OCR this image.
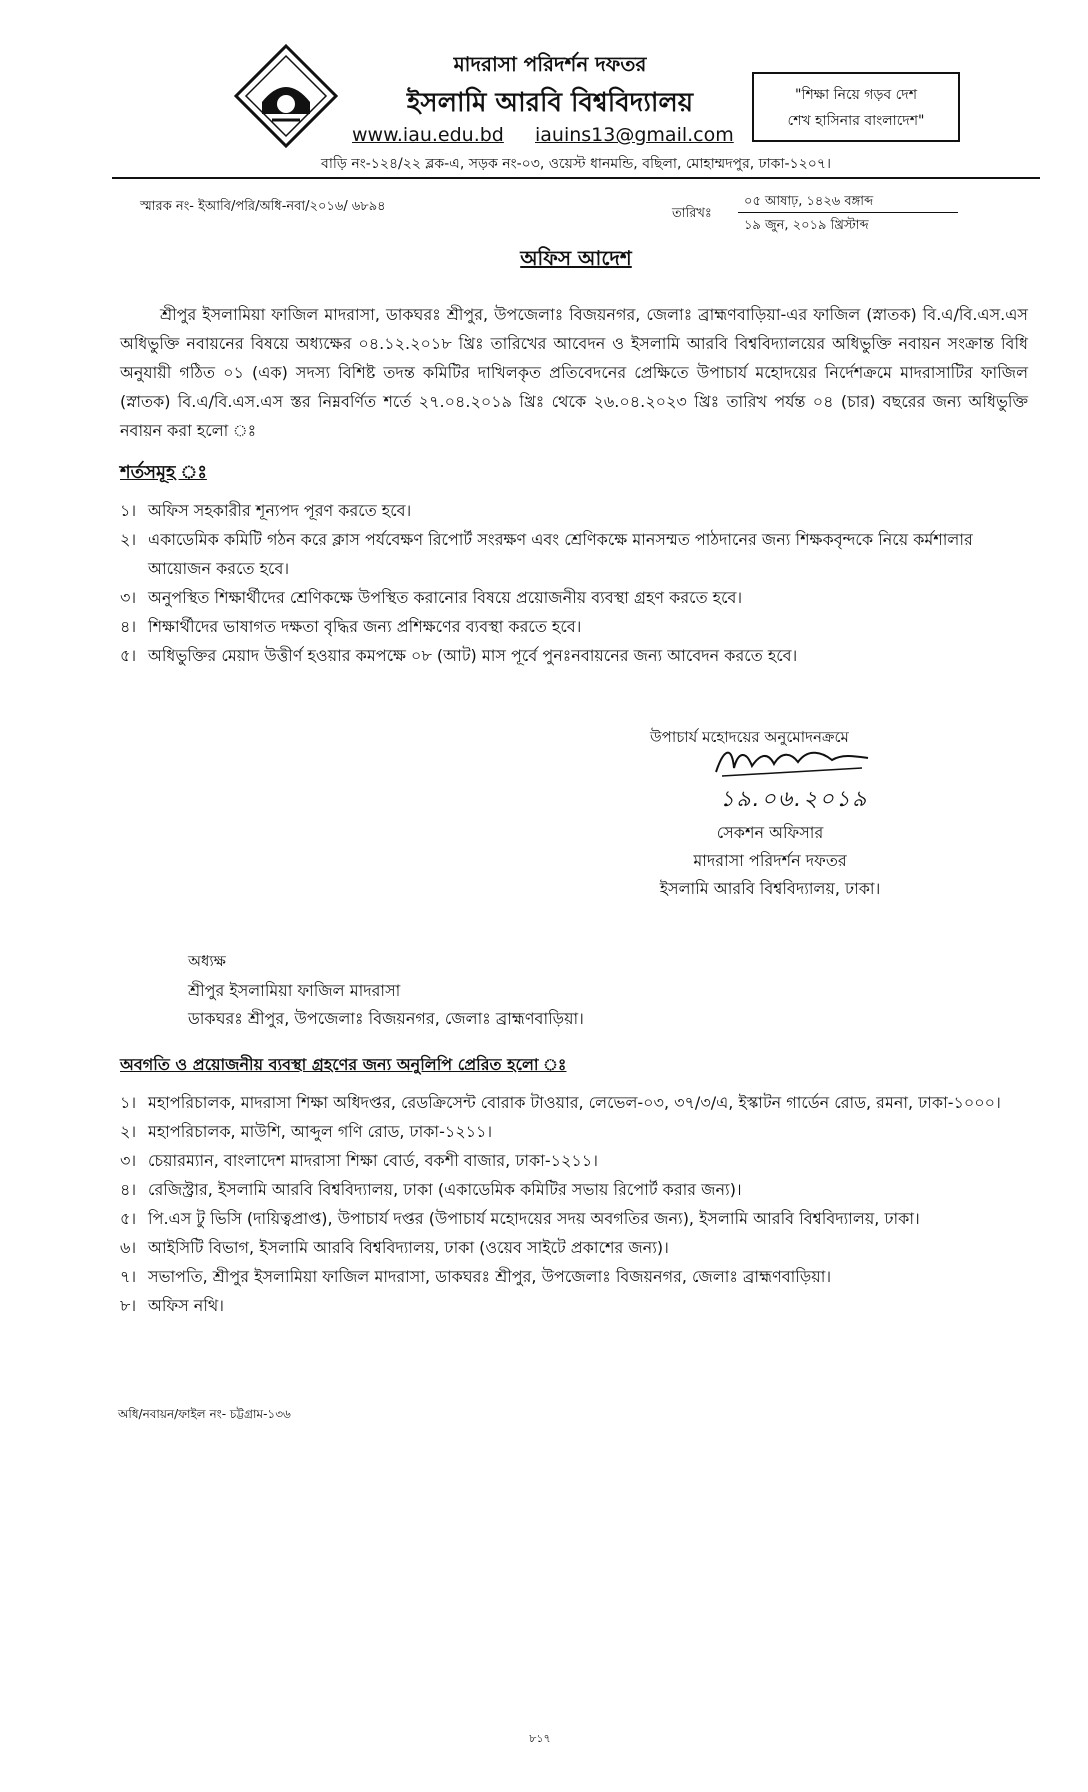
মাদরাসা পরিদর্শন দফতর
ইসলামি আরবি বিশ্ববিদ্যালয়
www.iau.edu.bd iauins13@gmail.com
বাড়ি নং-১২৪/২২ ব্লক-এ, সড়ক নং-০৩, ওয়েস্ট ধানমন্ডি, বছিলা, মোহাম্মদপুর, ঢাকা-১২০৭।
"শিক্ষা নিয়ে গড়ব দেশ
শেখ হাসিনার বাংলাদেশ"
স্মারক নং- ইআবি/পরি/অধি-নবা/২০১৬/ ৬৮৯৪	তারিখঃ
০৫ আষাঢ়, ১৪২৬ বঙ্গাব্দ
১৯ জুন, ২০১৯ খ্রিস্টাব্দ
অফিস আদেশ
শ্রীপুর ইসলামিয়া ফাজিল মাদরাসা, ডাকঘরঃ শ্রীপুর, উপজেলাঃ বিজয়নগর, জেলাঃ ব্রাহ্মণবাড়িয়া-এর ফাজিল (স্নাতক) বি.এ/বি.এস.এস অধিভুক্তি নবায়নের বিষয়ে অধ্যক্ষের ০৪.১২.২০১৮ খ্রিঃ তারিখের আবেদন ও ইসলামি আরবি বিশ্ববিদ্যালয়ের অধিভুক্তি নবায়ন সংক্রান্ত বিধি অনুযায়ী গঠিত ০১ (এক) সদস্য বিশিষ্ট তদন্ত কমিটির দাখিলকৃত প্রতিবেদনের প্রেক্ষিতে উপাচার্য মহোদয়ের নির্দেশক্রমে মাদরাসাটির ফাজিল (স্নাতক) বি.এ/বি.এস.এস স্তর নিম্নবর্ণিত শর্তে ২৭.০৪.২০১৯ খ্রিঃ থেকে ২৬.০৪.২০২৩ খ্রিঃ তারিখ পর্যন্ত ০৪ (চার) বছরের জন্য অধিভুক্তি নবায়ন করা হলো ঃ
শর্তসমূহ ঃ
১। অফিস সহকারীর শূন্যপদ পূরণ করতে হবে।
২। একাডেমিক কমিটি গঠন করে ক্লাস পর্যবেক্ষণ রিপোর্ট সংরক্ষণ এবং শ্রেণিকক্ষে মানসম্মত পাঠদানের জন্য শিক্ষকবৃন্দকে নিয়ে কর্মশালার আয়োজন করতে হবে।
৩। অনুপস্থিত শিক্ষার্থীদের শ্রেণিকক্ষে উপস্থিত করানোর বিষয়ে প্রয়োজনীয় ব্যবস্থা গ্রহণ করতে হবে।
৪। শিক্ষার্থীদের ভাষাগত দক্ষতা বৃদ্ধির জন্য প্রশিক্ষণের ব্যবস্থা করতে হবে।
৫। অধিভুক্তির মেয়াদ উত্তীর্ণ হওয়ার কমপক্ষে ০৮ (আট) মাস পূর্বে পুনঃনবায়নের জন্য আবেদন করতে হবে।
উপাচার্য মহোদয়ের অনুমোদনক্রমে
১৯.০৬.২০১৯
সেকশন অফিসার
মাদরাসা পরিদর্শন দফতর
ইসলামি আরবি বিশ্ববিদ্যালয়, ঢাকা।
অধ্যক্ষ
শ্রীপুর ইসলামিয়া ফাজিল মাদরাসা
ডাকঘরঃ শ্রীপুর, উপজেলাঃ বিজয়নগর, জেলাঃ ব্রাহ্মণবাড়িয়া।
অবগতি ও প্রয়োজনীয় ব্যবস্থা গ্রহণের জন্য অনুলিপি প্রেরিত হলো ঃ
১। মহাপরিচালক, মাদরাসা শিক্ষা অধিদপ্তর, রেডক্রিসেন্ট বোরাক টাওয়ার, লেভেল-০৩, ৩৭/৩/এ, ইস্কাটন গার্ডেন রোড, রমনা, ঢাকা-১০০০।
২। মহাপরিচালক, মাউশি, আব্দুল গণি রোড, ঢাকা-১২১১।
৩। চেয়ারম্যান, বাংলাদেশ মাদরাসা শিক্ষা বোর্ড, বকশী বাজার, ঢাকা-১২১১।
৪। রেজিস্ট্রার, ইসলামি আরবি বিশ্ববিদ্যালয়, ঢাকা (একাডেমিক কমিটির সভায় রিপোর্ট করার জন্য)।
৫। পি.এস টু ভিসি (দায়িত্বপ্রাপ্ত), উপাচার্য দপ্তর (উপাচার্য মহোদয়ের সদয় অবগতির জন্য), ইসলামি আরবি বিশ্ববিদ্যালয়, ঢাকা।
৬। আইসিটি বিভাগ, ইসলামি আরবি বিশ্ববিদ্যালয়, ঢাকা (ওয়েব সাইটে প্রকাশের জন্য)।
৭। সভাপতি, শ্রীপুর ইসলামিয়া ফাজিল মাদরাসা, ডাকঘরঃ শ্রীপুর, উপজেলাঃ বিজয়নগর, জেলাঃ ব্রাহ্মণবাড়িয়া।
৮। অফিস নথি।
অধি/নবায়ন/ফাইল নং- চট্টগ্রাম-১৩৬
৮১৭
